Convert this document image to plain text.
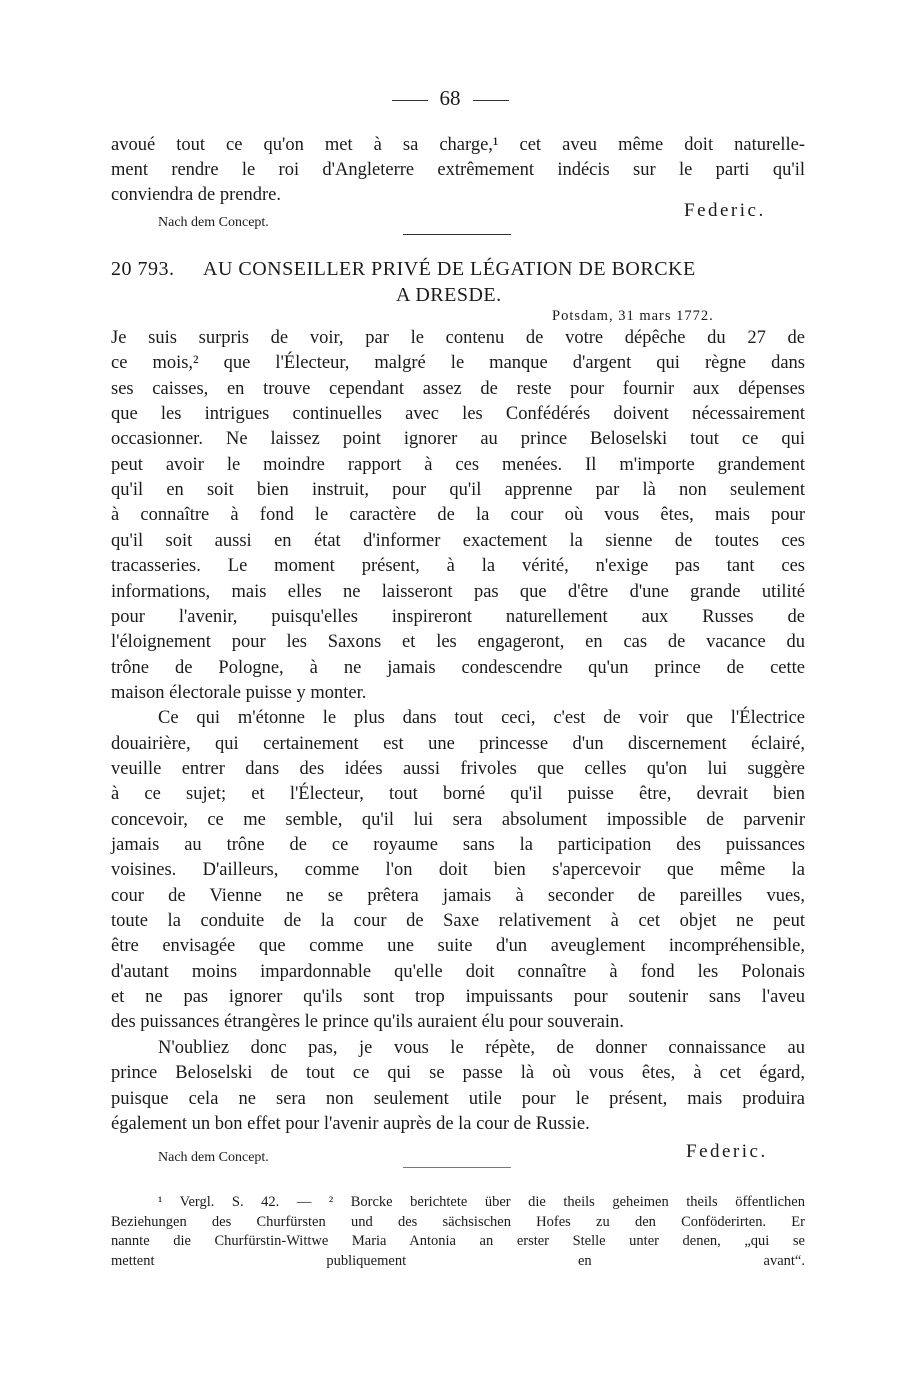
68
avoué tout ce qu'on met à sa charge,¹ cet aveu même doit naturelle-
ment rendre le roi d'Angleterre extrêmement indécis sur le parti qu'il
conviendra de prendre.
Federic.
Nach dem Concept.
20 793. AU CONSEILLER PRIVÉ DE LÉGATION DE BORCKE
A DRESDE.
Potsdam, 31 mars 1772.
Je suis surpris de voir, par le contenu de votre dépêche du 27 de
ce mois,² que l'Électeur, malgré le manque d'argent qui règne dans
ses caisses, en trouve cependant assez de reste pour fournir aux dépenses
que les intrigues continuelles avec les Confédérés doivent nécessairement
occasionner. Ne laissez point ignorer au prince Beloselski tout ce qui
peut avoir le moindre rapport à ces menées. Il m'importe grandement
qu'il en soit bien instruit, pour qu'il apprenne par là non seulement
à connaître à fond le caractère de la cour où vous êtes, mais pour
qu'il soit aussi en état d'informer exactement la sienne de toutes ces
tracasseries. Le moment présent, à la vérité, n'exige pas tant ces
informations, mais elles ne laisseront pas que d'être d'une grande utilité
pour l'avenir, puisqu'elles inspireront naturellement aux Russes de
l'éloignement pour les Saxons et les engageront, en cas de vacance du
trône de Pologne, à ne jamais condescendre qu'un prince de cette
maison électorale puisse y monter.
Ce qui m'étonne le plus dans tout ceci, c'est de voir que l'Électrice
douairière, qui certainement est une princesse d'un discernement éclairé,
veuille entrer dans des idées aussi frivoles que celles qu'on lui suggère
à ce sujet; et l'Électeur, tout borné qu'il puisse être, devrait bien
concevoir, ce me semble, qu'il lui sera absolument impossible de parvenir
jamais au trône de ce royaume sans la participation des puissances
voisines. D'ailleurs, comme l'on doit bien s'apercevoir que même la
cour de Vienne ne se prêtera jamais à seconder de pareilles vues,
toute la conduite de la cour de Saxe relativement à cet objet ne peut
être envisagée que comme une suite d'un aveuglement incompréhensible,
d'autant moins impardonnable qu'elle doit connaître à fond les Polonais
et ne pas ignorer qu'ils sont trop impuissants pour soutenir sans l'aveu
des puissances étrangères le prince qu'ils auraient élu pour souverain.
N'oubliez donc pas, je vous le répète, de donner connaissance au
prince Beloselski de tout ce qui se passe là où vous êtes, à cet égard,
puisque cela ne sera non seulement utile pour le présent, mais produira
également un bon effet pour l'avenir auprès de la cour de Russie.
Nach dem Concept.	Federic.
¹ Vergl. S. 42. — ² Borcke berichtete über die theils geheimen theils öffentlichen
Beziehungen des Churfürsten und des sächsischen Hofes zu den Conföderirten. Er
nannte die Churfürstin-Wittwe Maria Antonia an erster Stelle unter denen, „qui se
mettent publiquement en avant“.
